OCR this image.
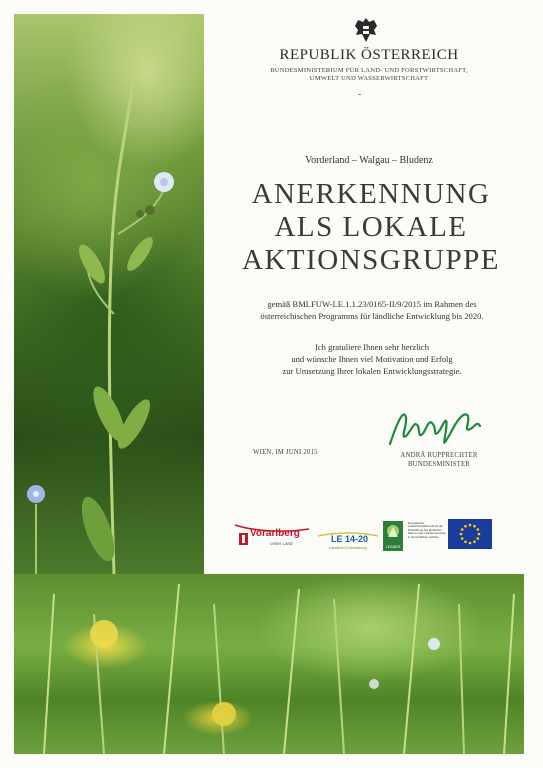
REPUBLIK ÖSTERREICH
BUNDESMINISTERIUM FÜR LAND- UND FORSTWIRTSCHAFT,
UMWELT UND WASSERWIRTSCHAFT
Vorderland – Walgau – Bludenz
ANERKENNUNG
ALS LOKALE
AKTIONSGRUPPE
gemäß BMLFUW-LE.1.1.23/0165-II/9/2015 im Rahmen des
österreichischen Programms für ländliche Entwicklung bis 2020.
Ich gratuliere Ihnen sehr herzlich
und wünsche Ihnen viel Motivation und Erfolg
zur Umsetzung Ihrer lokalen Entwicklungsstrategie.
WIEN, IM JUNI 2015	ANDRÄ RUPPRECHTER
BUNDESMINISTER
Vorarlberg
unser Land	LE 14-20
Ländliche Entwicklung	LEADER
Europäischer Landwirtschaftsfonds für die Entwicklung des ländlichen Raums: Hier investiert Europa in die ländlichen Gebiete
